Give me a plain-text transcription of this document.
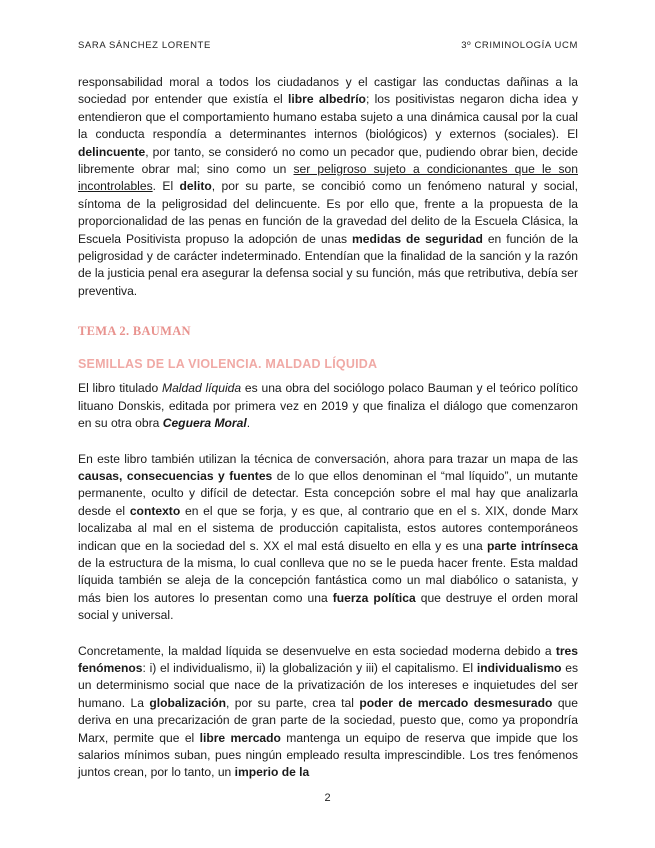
SARA SÁNCHEZ LORENTE	3º CRIMINOLOGÍA UCM

responsabilidad moral a todos los ciudadanos y el castigar las conductas dañinas a la sociedad por entender que existía el libre albedrío; los positivistas negaron dicha idea y entendieron que el comportamiento humano estaba sujeto a una dinámica causal por la cual la conducta respondía a determinantes internos (biológicos) y externos (sociales). El delincuente, por tanto, se consideró no como un pecador que, pudiendo obrar bien, decide libremente obrar mal; sino como un ser peligroso sujeto a condicionantes que le son incontrolables. El delito, por su parte, se concibió como un fenómeno natural y social, síntoma de la peligrosidad del delincuente. Es por ello que, frente a la propuesta de la proporcionalidad de las penas en función de la gravedad del delito de la Escuela Clásica, la Escuela Positivista propuso la adopción de unas medidas de seguridad en función de la peligrosidad y de carácter indeterminado. Entendían que la finalidad de la sanción y la razón de la justicia penal era asegurar la defensa social y su función, más que retributiva, debía ser preventiva.

TEMA 2. BAUMAN
SEMILLAS DE LA VIOLENCIA. MALDAD LÍQUIDA

El libro titulado Maldad líquida es una obra del sociólogo polaco Bauman y el teórico político lituano Donskis, editada por primera vez en 2019 y que finaliza el diálogo que comenzaron en su otra obra Ceguera Moral.

En este libro también utilizan la técnica de conversación, ahora para trazar un mapa de las causas, consecuencias y fuentes de lo que ellos denominan el “mal líquido”, un mutante permanente, oculto y difícil de detectar. Esta concepción sobre el mal hay que analizarla desde el contexto en el que se forja, y es que, al contrario que en el s. XIX, donde Marx localizaba al mal en el sistema de producción capitalista, estos autores contemporáneos indican que en la sociedad del s. XX el mal está disuelto en ella y es una parte intrínseca de la estructura de la misma, lo cual conlleva que no se le pueda hacer frente. Esta maldad líquida también se aleja de la concepción fantástica como un mal diabólico o satanista, y más bien los autores lo presentan como una fuerza política que destruye el orden moral social y universal.

Concretamente, la maldad líquida se desenvuelve en esta sociedad moderna debido a tres fenómenos: i) el individualismo, ii) la globalización y iii) el capitalismo. El individualismo es un determinismo social que nace de la privatización de los intereses e inquietudes del ser humano. La globalización, por su parte, crea tal poder de mercado desmesurado que deriva en una precarización de gran parte de la sociedad, puesto que, como ya propondría Marx, permite que el libre mercado mantenga un equipo de reserva que impide que los salarios mínimos suban, pues ningún empleado resulta imprescindible. Los tres fenómenos juntos crean, por lo tanto, un imperio de la

2
